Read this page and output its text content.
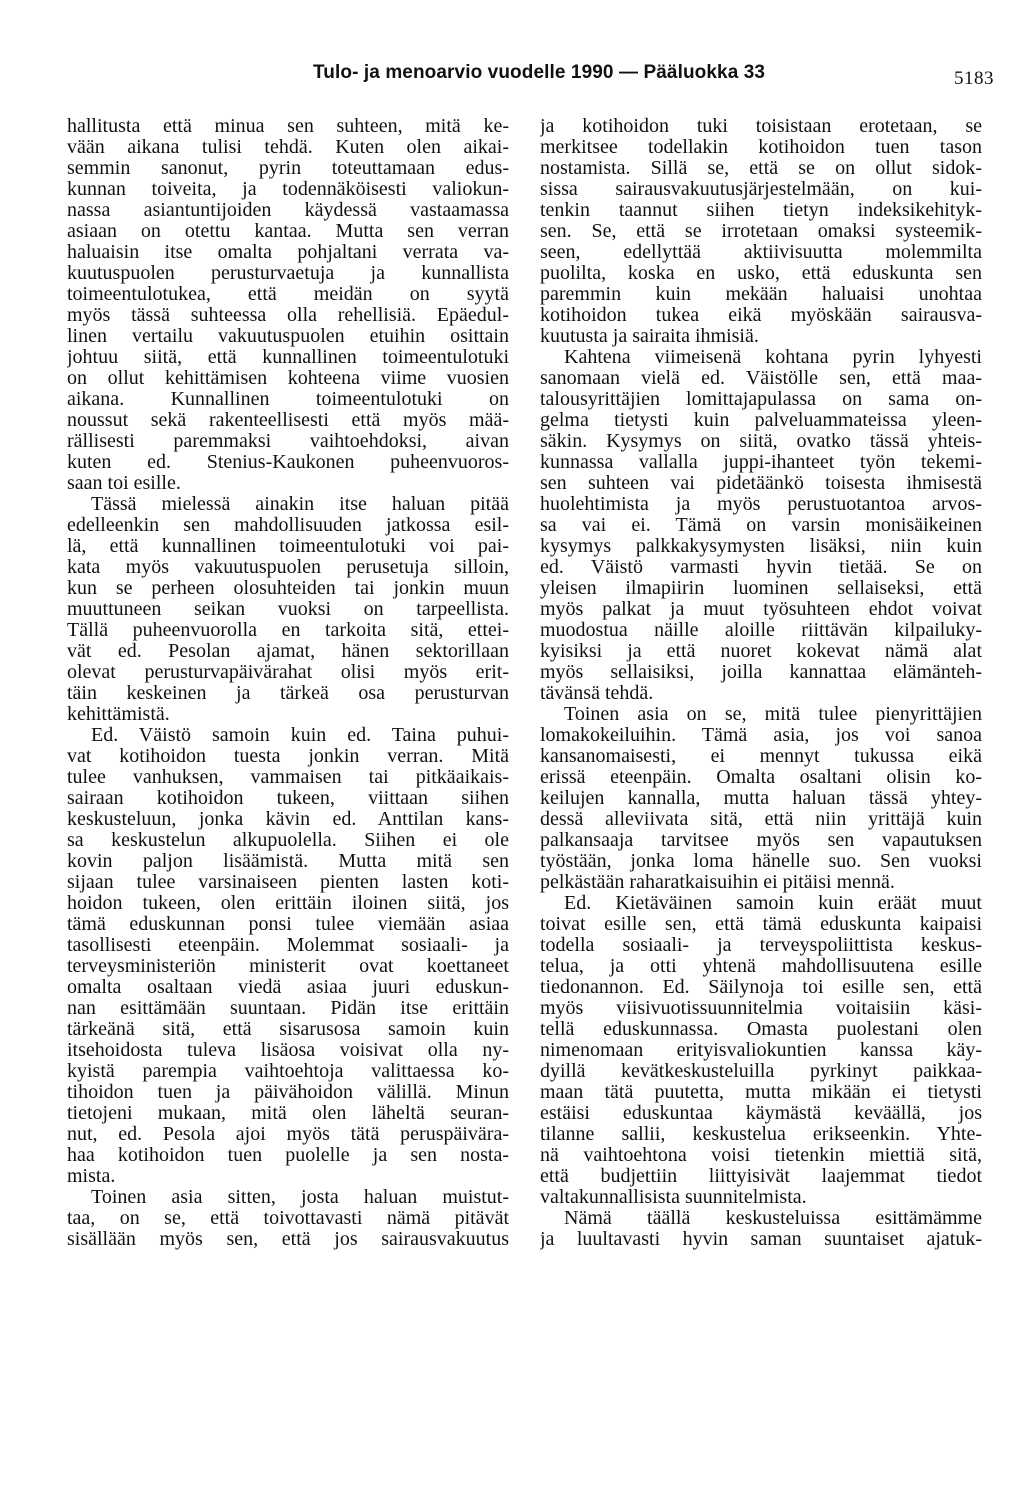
Tulo- ja menoarvio vuodelle 1990 — Pääluokka 33	5183
hallitusta että minua sen suhteen, mitä ke-
vään aikana tulisi tehdä. Kuten olen aikai-
semmin sanonut, pyrin toteuttamaan edus-
kunnan toiveita, ja todennäköisesti valiokun-
nassa asiantuntijoiden käydessä vastaamassa
asiaan on otettu kantaa. Mutta sen verran
haluaisin itse omalta pohjaltani verrata va-
kuutuspuolen perusturvaetuja ja kunnallista
toimeentulotukea, että meidän on syytä
myös tässä suhteessa olla rehellisiä. Epäedul-
linen vertailu vakuutuspuolen etuihin osittain
johtuu siitä, että kunnallinen toimeentulotuki
on ollut kehittämisen kohteena viime vuosien
aikana. Kunnallinen toimeentulotuki on
noussut sekä rakenteellisesti että myös mää-
rällisesti paremmaksi vaihtoehdoksi, aivan
kuten ed. Stenius-Kaukonen puheenvuoros-
saan toi esille.
Tässä mielessä ainakin itse haluan pitää
edelleenkin sen mahdollisuuden jatkossa esil-
lä, että kunnallinen toimeentulotuki voi pai-
kata myös vakuutuspuolen perusetuja silloin,
kun se perheen olosuhteiden tai jonkin muun
muuttuneen seikan vuoksi on tarpeellista.
Tällä puheenvuorolla en tarkoita sitä, ettei-
vät ed. Pesolan ajamat, hänen sektorillaan
olevat perusturvapäivärahat olisi myös erit-
täin keskeinen ja tärkeä osa perusturvan
kehittämistä.
Ed. Väistö samoin kuin ed. Taina puhui-
vat kotihoidon tuesta jonkin verran. Mitä
tulee vanhuksen, vammaisen tai pitkäaikais-
sairaan kotihoidon tukeen, viittaan siihen
keskusteluun, jonka kävin ed. Anttilan kans-
sa keskustelun alkupuolella. Siihen ei ole
kovin paljon lisäämistä. Mutta mitä sen
sijaan tulee varsinaiseen pienten lasten koti-
hoidon tukeen, olen erittäin iloinen siitä, jos
tämä eduskunnan ponsi tulee viemään asiaa
tasollisesti eteenpäin. Molemmat sosiaali- ja
terveysministeriön ministerit ovat koettaneet
omalta osaltaan viedä asiaa juuri eduskun-
nan esittämään suuntaan. Pidän itse erittäin
tärkeänä sitä, että sisarusosa samoin kuin
itsehoidosta tuleva lisäosa voisivat olla ny-
kyistä parempia vaihtoehtoja valittaessa ko-
tihoidon tuen ja päivähoidon välillä. Minun
tietojeni mukaan, mitä olen läheltä seuran-
nut, ed. Pesola ajoi myös tätä peruspäivära-
haa kotihoidon tuen puolelle ja sen nosta-
mista.
Toinen asia sitten, josta haluan muistut-
taa, on se, että toivottavasti nämä pitävät
sisällään myös sen, että jos sairausvakuutus
ja kotihoidon tuki toisistaan erotetaan, se
merkitsee todellakin kotihoidon tuen tason
nostamista. Sillä se, että se on ollut sidok-
sissa sairausvakuutusjärjestelmään, on kui-
tenkin taannut siihen tietyn indeksikehityk-
sen. Se, että se irrotetaan omaksi systeemik-
seen, edellyttää aktiivisuutta molemmilta
puolilta, koska en usko, että eduskunta sen
paremmin kuin mekään haluaisi unohtaa
kotihoidon tukea eikä myöskään sairausva-
kuutusta ja sairaita ihmisiä.
Kahtena viimeisenä kohtana pyrin lyhyesti
sanomaan vielä ed. Väistölle sen, että maa-
talousyrittäjien lomittajapulassa on sama on-
gelma tietysti kuin palveluammateissa yleen-
säkin. Kysymys on siitä, ovatko tässä yhteis-
kunnassa vallalla juppi-ihanteet työn tekemi-
sen suhteen vai pidetäänkö toisesta ihmisestä
huolehtimista ja myös perustuotantoa arvos-
sa vai ei. Tämä on varsin monisäikeinen
kysymys palkkakysymysten lisäksi, niin kuin
ed. Väistö varmasti hyvin tietää. Se on
yleisen ilmapiirin luominen sellaiseksi, että
myös palkat ja muut työsuhteen ehdot voivat
muodostua näille aloille riittävän kilpailuky-
kyisiksi ja että nuoret kokevat nämä alat
myös sellaisiksi, joilla kannattaa elämänteh-
tävänsä tehdä.
Toinen asia on se, mitä tulee pienyrittäjien
lomakokeiluihin. Tämä asia, jos voi sanoa
kansanomaisesti, ei mennyt tukussa eikä
erissä eteenpäin. Omalta osaltani olisin ko-
keilujen kannalla, mutta haluan tässä yhtey-
dessä alleviivata sitä, että niin yrittäjä kuin
palkansaaja tarvitsee myös sen vapautuksen
työstään, jonka loma hänelle suo. Sen vuoksi
pelkästään raharatkaisuihin ei pitäisi mennä.
Ed. Kietäväinen samoin kuin eräät muut
toivat esille sen, että tämä eduskunta kaipaisi
todella sosiaali- ja terveyspoliittista keskus-
telua, ja otti yhtenä mahdollisuutena esille
tiedonannon. Ed. Säilynoja toi esille sen, että
myös viisivuotissuunnitelmia voitaisiin käsi-
tellä eduskunnassa. Omasta puolestani olen
nimenomaan erityisvaliokuntien kanssa käy-
dyillä kevätkeskusteluilla pyrkinyt paikkaa-
maan tätä puutetta, mutta mikään ei tietysti
estäisi eduskuntaa käymästä keväällä, jos
tilanne sallii, keskustelua erikseenkin. Yhte-
nä vaihtoehtona voisi tietenkin miettiä sitä,
että budjettiin liittyisivät laajemmat tiedot
valtakunnallisista suunnitelmista.
Nämä täällä keskusteluissa esittämämme
ja luultavasti hyvin saman suuntaiset ajatuk-
